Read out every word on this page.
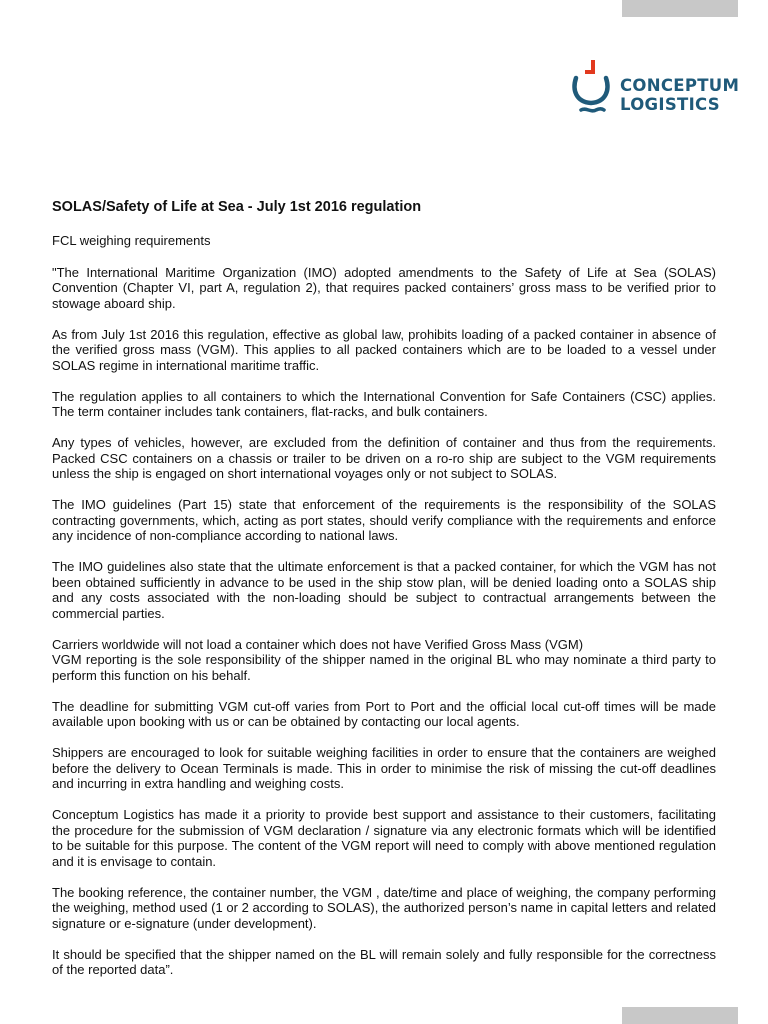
CONCEPTUM
LOGISTICS
SOLAS/Safety of Life at Sea - July 1st 2016 regulation

FCL weighing requirements

"The International Maritime Organization (IMO) adopted amendments to the Safety of Life at Sea (SOLAS) Convention (Chapter VI, part A, regulation 2), that requires packed containers’ gross mass to be verified prior to stowage aboard ship.

As from July 1st 2016 this regulation, effective as global law, prohibits loading of a packed container in absence of the verified gross mass (VGM). This applies to all packed containers which are to be loaded to a vessel under SOLAS regime in international maritime traffic.

The regulation applies to all containers to which the International Convention for Safe Containers (CSC) applies. The term container includes tank containers, flat-racks, and bulk containers.

Any types of vehicles, however, are excluded from the definition of container and thus from the requirements. Packed CSC containers on a chassis or trailer to be driven on a ro-ro ship are subject to the VGM requirements unless the ship is engaged on short international voyages only or not subject to SOLAS.

The IMO guidelines (Part 15) state that enforcement of the requirements is the responsibility of the SOLAS contracting governments, which, acting as port states, should verify compliance with the requirements and enforce any incidence of non-compliance according to national laws.

The IMO guidelines also state that the ultimate enforcement is that a packed container, for which the VGM has not been obtained sufficiently in advance to be used in the ship stow plan, will be denied loading onto a SOLAS ship and any costs associated with the non-loading should be subject to contractual arrangements between the commercial parties.

Carriers worldwide will not load a container which does not have Verified Gross Mass (VGM)
VGM reporting is the sole responsibility of the shipper named in the original BL who may nominate a third party to perform this function on his behalf.

The deadline for submitting VGM cut-off varies from Port to Port and the official local cut-off times will be made available upon booking with us or can be obtained by contacting our local agents.

Shippers are encouraged to look for suitable weighing facilities in order to ensure that the containers are weighed before the delivery to Ocean Terminals is made. This in order to minimise the risk of missing the cut-off deadlines and incurring in extra handling and weighing costs.

Conceptum Logistics has made it a priority to provide best support and assistance to their customers, facilitating the procedure for the submission of VGM declaration / signature via any electronic formats which will be identified to be suitable for this purpose. The content of the VGM report will need to comply with above mentioned regulation and it is envisage to contain.

The booking reference, the container number, the VGM , date/time and place of weighing, the company performing the weighing, method used (1 or 2 according to SOLAS), the authorized person’s name in capital letters and related signature or e-signature (under development).

It should be specified that the shipper named on the BL will remain solely and fully responsible for the correctness of the reported data”.
